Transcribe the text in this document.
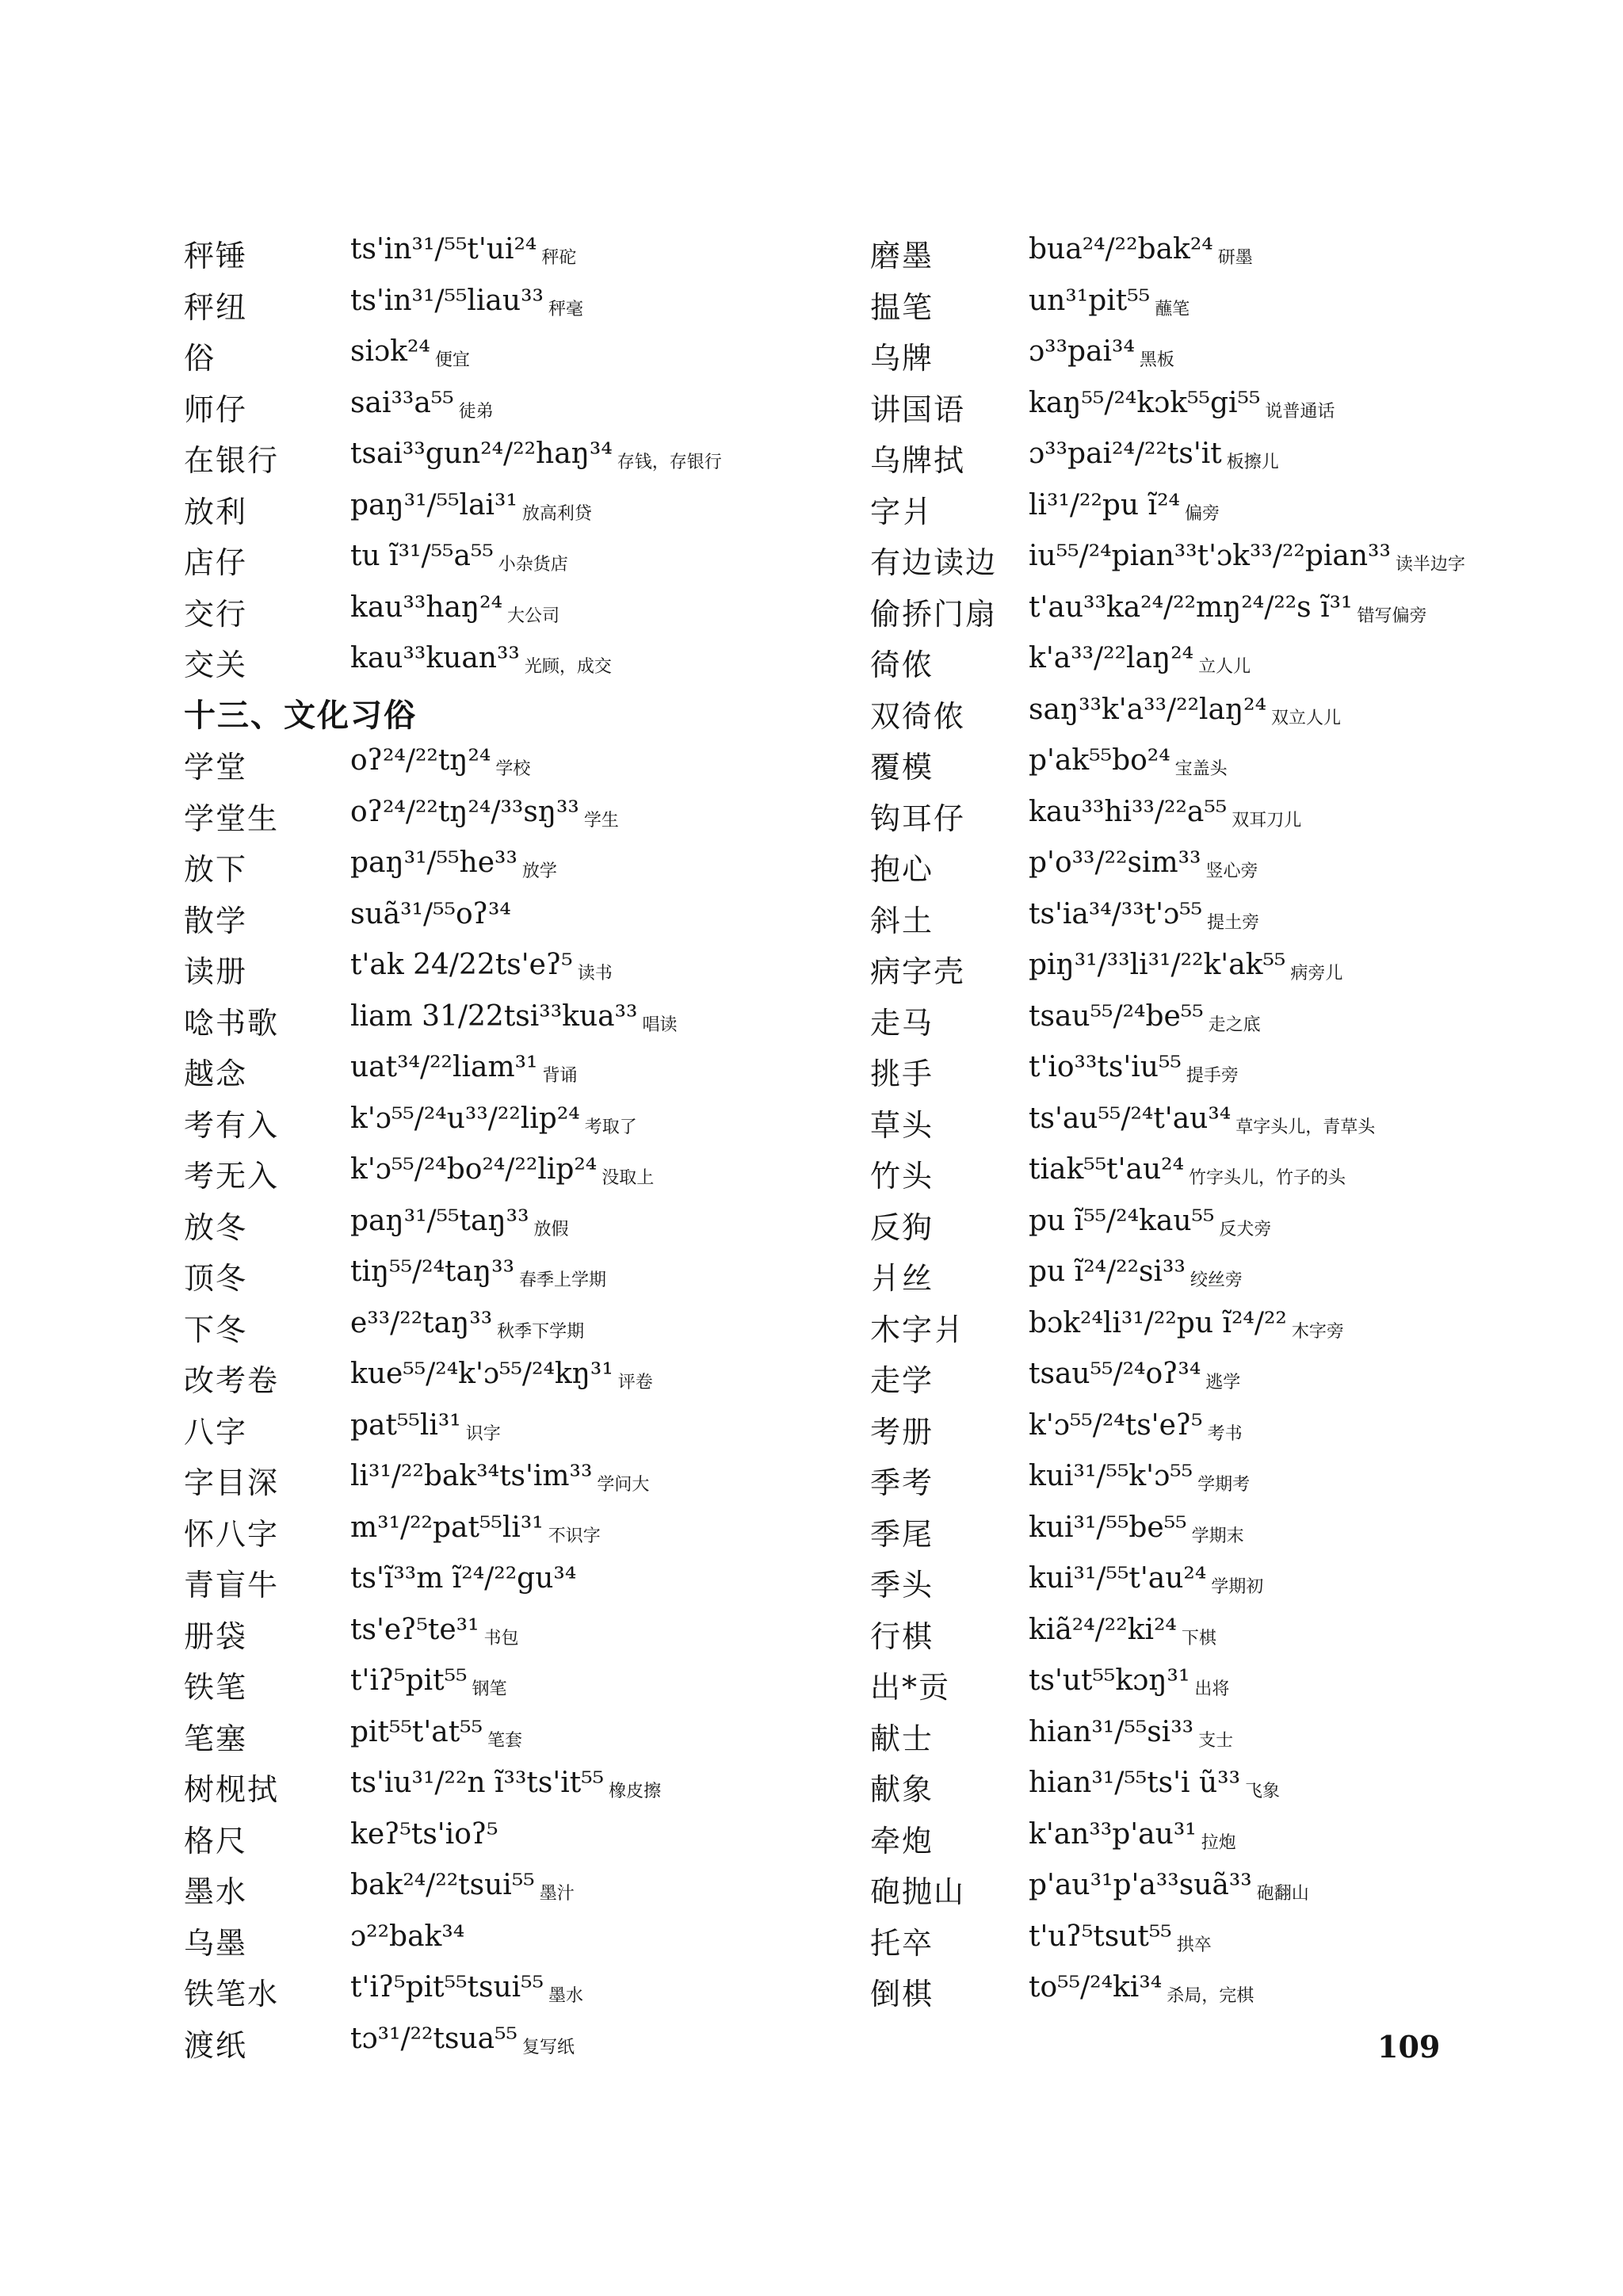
秤锤	ts'in³¹/⁵⁵t'ui²⁴ 秤砣
秤纽	ts'in³¹/⁵⁵liau³³ 秤毫
俗	siɔk²⁴ 便宜
师仔	sai³³a⁵⁵ 徒弟
在银行 tsai³³gun²⁴/²²haŋ³⁴ 存钱，存银行
放利	paŋ³¹/⁵⁵lai³¹ 放高利贷
店仔	tu ĩ³¹/⁵⁵a⁵⁵ 小杂货店
交行	kau³³haŋ²⁴ 大公司
交关	kau³³kuan³³ 光顾，成交
十三、文化习俗
学堂	oʔ²⁴/²²tŋ²⁴ 学校
学堂生 oʔ²⁴/²²tŋ²⁴/³³sŋ³³ 学生
放下	paŋ³¹/⁵⁵he³³ 放学
散学	suã³¹/⁵⁵oʔ³⁴
读册	t'ak 24/22ts'eʔ⁵ 读书
唸书歌 liam 31/22tsi³³kua³³ 唱读
越念	uat³⁴/²²liam³¹ 背诵
考有入 k'ɔ⁵⁵/²⁴u³³/²²lip²⁴ 考取了
考无入 k'ɔ⁵⁵/²⁴bo²⁴/²²lip²⁴ 没取上
放冬	paŋ³¹/⁵⁵taŋ³³ 放假
顶冬	tiŋ⁵⁵/²⁴taŋ³³ 春季上学期
下冬	e³³/²²taŋ³³ 秋季下学期
改考卷 kue⁵⁵/²⁴k'ɔ⁵⁵/²⁴kŋ³¹ 评卷
八字	pat⁵⁵li³¹ 识字
字目深 li³¹/²²bak³⁴ts'im³³ 学问大
怀八字 m³¹/²²pat⁵⁵li³¹ 不识字
青盲牛 ts'ĩ³³m ĩ²⁴/²²gu³⁴
册袋	ts'eʔ⁵te³¹ 书包
铁笔	t'iʔ⁵pit⁵⁵ 钢笔
笔塞	pit⁵⁵t'at⁵⁵ 笔套
树枧拭 ts'iu³¹/²²n ĩ³³ts'it⁵⁵ 橡皮擦
格尺	keʔ⁵ts'ioʔ⁵
墨水	bak²⁴/²²tsui⁵⁵ 墨汁
乌墨	ɔ²²bak³⁴
铁笔水 t'iʔ⁵pit⁵⁵tsui⁵⁵ 墨水
渡纸	tɔ³¹/²²tsua⁵⁵ 复写纸
磨墨	bua²⁴/²²bak²⁴ 研墨
揾笔	un³¹pit⁵⁵ 蘸笔
乌牌	ɔ³³pai³⁴ 黑板
讲国语 kaŋ⁵⁵/²⁴kɔk⁵⁵gi⁵⁵ 说普通话
乌牌拭 ɔ³³pai²⁴/²²ts'it 板擦儿
字爿	li³¹/²²pu ĩ²⁴ 偏旁
有边读边 iu⁵⁵/²⁴pian³³t'ɔk³³/²²pian³³ 读半边字
偷挢门扇 t'au³³ka²⁴/²²mŋ²⁴/²²s ĩ³¹ 错写偏旁
徛侬	k'a³³/²²laŋ²⁴ 立人儿
双徛侬 saŋ³³k'a³³/²²laŋ²⁴ 双立人儿
覆模	p'ak⁵⁵bo²⁴ 宝盖头
钩耳仔 kau³³hi³³/²²a⁵⁵ 双耳刀儿
抱心	p'o³³/²²sim³³ 竖心旁
斜土	ts'ia³⁴/³³t'ɔ⁵⁵ 提土旁
病字壳 piŋ³¹/³³li³¹/²²k'ak⁵⁵ 病旁儿
走马	tsau⁵⁵/²⁴be⁵⁵ 走之底
挑手	t'io³³ts'iu⁵⁵ 提手旁
草头	ts'au⁵⁵/²⁴t'au³⁴ 草字头儿，青草头
竹头	tiak⁵⁵t'au²⁴ 竹字头儿，竹子的头
反狗	pu ĩ⁵⁵/²⁴kau⁵⁵ 反犬旁
爿丝	pu ĩ²⁴/²²si³³ 绞丝旁
木字爿 bɔk²⁴li³¹/²²pu ĩ²⁴/²² 木字旁
走学	tsau⁵⁵/²⁴oʔ³⁴ 逃学
考册	k'ɔ⁵⁵/²⁴ts'eʔ⁵ 考书
季考	kui³¹/⁵⁵k'ɔ⁵⁵ 学期考
季尾	kui³¹/⁵⁵be⁵⁵ 学期末
季头	kui³¹/⁵⁵t'au²⁴ 学期初
行棋	kiã²⁴/²²ki²⁴ 下棋
出*贡	ts'ut⁵⁵kɔŋ³¹ 出将
献士	hian³¹/⁵⁵si³³ 支士
献象	hian³¹/⁵⁵ts'i ũ³³ 飞象
牵炮	k'an³³p'au³¹ 拉炮
砲抛山 p'au³¹p'a³³suã³³ 砲翻山
托卒	t'uʔ⁵tsut⁵⁵ 拱卒
倒棋	to⁵⁵/²⁴ki³⁴ 杀局，完棋
109
